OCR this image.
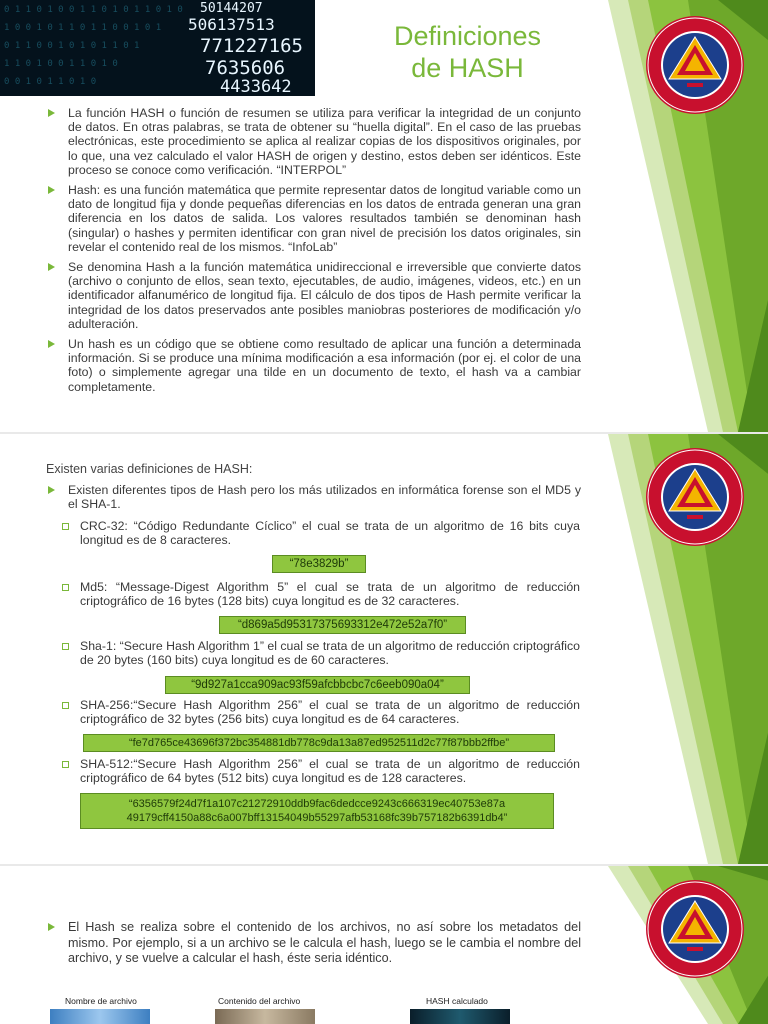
0 1 1 0 1 0 0 1 1 0 1 0 1 1 0 1 0
1 0 0 1 0 1 1 0 1 1 0 0 1 0 1
0 1 1 0 0 1 0 1 0 1 1 0 1
1 1 0 1 0 0 1 1 0 1 0
0 0 1 0 1 1 0 1 0
50144207
506137513
771227165
7635606
4433642
Definiciones
de HASH
La función HASH o función de resumen se utiliza para verificar la integridad de un conjunto de datos. En otras palabras, se trata de obtener su “huella digital”. En el caso de las pruebas electrónicas, este procedimiento se aplica al realizar copias de los dispositivos originales, por lo que, una vez calculado el valor HASH de origen y destino, estos deben ser idénticos. Este proceso se conoce como verificación. “INTERPOL”
Hash: es una función matemática que permite representar datos de longitud variable como un dato de longitud fija y donde pequeñas diferencias en los datos de entrada generan una gran diferencia en los datos de salida. Los valores resultados también se denominan hash (singular) o hashes y permiten identificar con gran nivel de precisión los datos originales, sin revelar el contenido real de los mismos. “InfoLab”
Se denomina Hash a la función matemática unidireccional e irreversible que convierte datos (archivo o conjunto de ellos, sean texto, ejecutables, de audio, imágenes, videos, etc.) en un identificador alfanumérico de longitud fija. El cálculo de dos tipos de Hash permite verificar la integridad de los datos preservados ante posibles maniobras posteriores de modificación y/o adulteración.
Un hash es un código que se obtiene como resultado de aplicar una función a determinada información. Si se produce una mínima modificación a esa información (por ej. el color de una foto) o simplemente agregar una tilde en un documento de texto, el hash va a cambiar completamente.
Existen varias definiciones de HASH:
Existen diferentes tipos de Hash pero los más utilizados en informática forense son el MD5 y el SHA-1.
CRC-32: “Código Redundante Cíclico” el cual se trata de un algoritmo de 16 bits cuya longitud es de 8 caracteres.
“78e3829b”
Md5: “Message-Digest Algorithm 5” el cual se trata de un algoritmo de reducción criptográfico de 16 bytes (128 bits) cuya longitud es de 32 caracteres.
“d869a5d95317375693312e472e52a7f0”
Sha-1: “Secure Hash Algorithm 1” el cual se trata de un algoritmo de reducción criptográfico de 20 bytes (160 bits) cuya longitud es de 60 caracteres.
“9d927a1cca909ac93f59afcbbcbc7c6eeb090a04”
SHA-256:“Secure Hash Algorithm 256” el cual se trata de un algoritmo de reducción criptográfico de 32 bytes (256 bits) cuya longitud es de 64 caracteres.
“fe7d765ce43696f372bc354881db778c9da13a87ed952511d2c77f87bbb2ffbe”
SHA-512:“Secure Hash Algorithm 256” el cual se trata de un algoritmo de reducción criptográfico de 64 bytes (512 bits) cuya longitud es de 128 caracteres.
“6356579f24d7f1a107c21272910ddb9fac6dedcce9243c666319ec40753e87a
49179cff4150a88c6a007bff13154049b55297afb53168fc39b757182b6391db4”
El Hash se realiza sobre el contenido de los archivos, no así sobre los metadatos del mismo. Por ejemplo, si a un archivo se le calcula el hash, luego se le cambia el nombre del archivo, y se vuelve a calcular el hash, éste seria idéntico.
Nombre de archivo	Contenido del archivo	HASH calculado
